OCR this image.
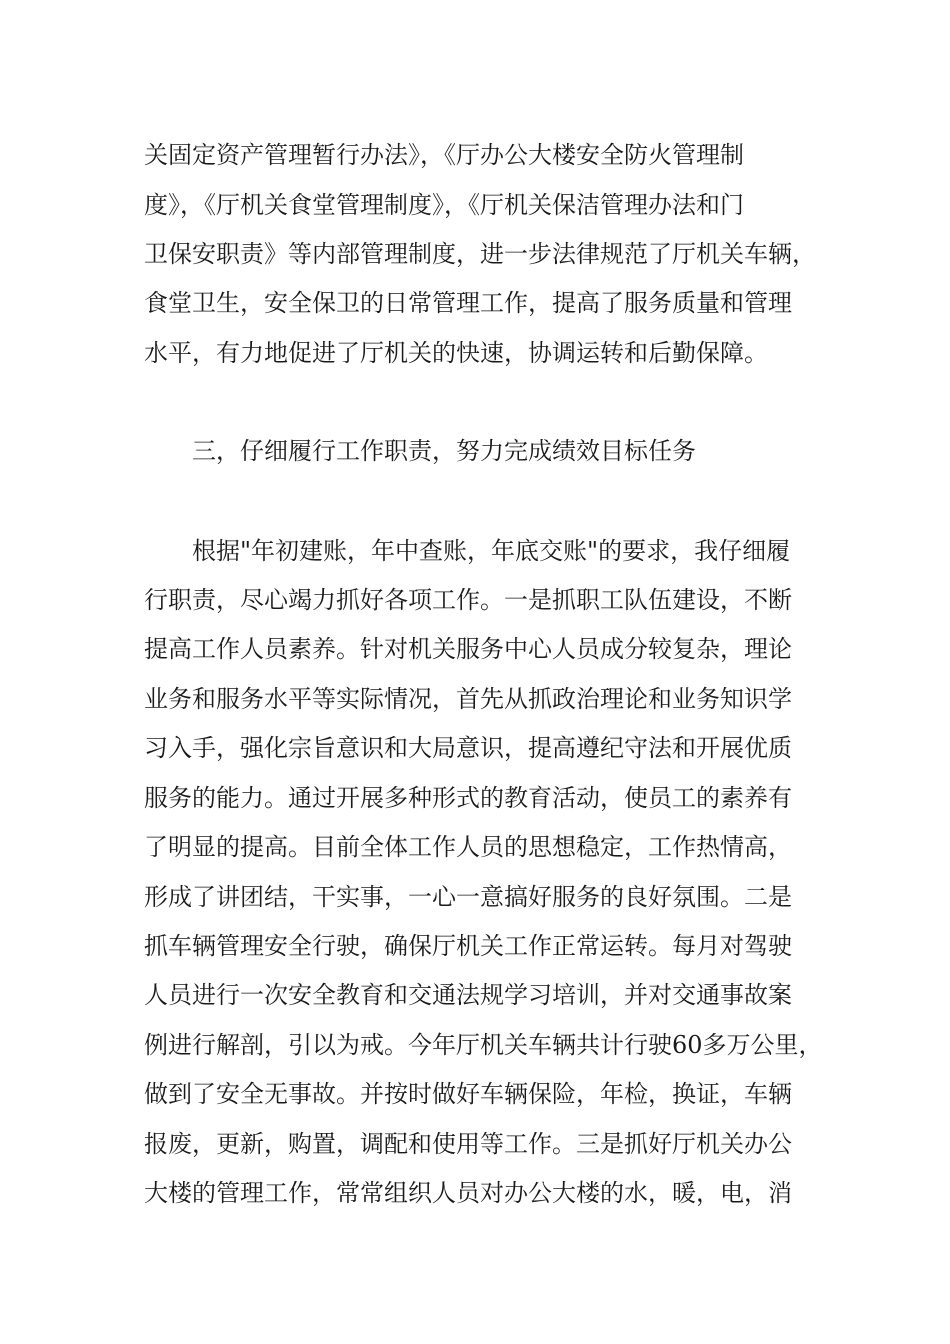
关固定资产管理暂行办法》，《厅办公大楼安全防火管理制
度》，《厅机关食堂管理制度》，《厅机关保洁管理办法和门
卫保安职责》等内部管理制度，进一步法律规范了厅机关车辆，
食堂卫生，安全保卫的日常管理工作，提高了服务质量和管理
水平，有力地促进了厅机关的快速，协调运转和后勤保障。
三，仔细履行工作职责，努力完成绩效目标任务
根据"年初建账，年中查账，年底交账"的要求，我仔细履
行职责，尽心竭力抓好各项工作。一是抓职工队伍建设，不断
提高工作人员素养。针对机关服务中心人员成分较复杂，理论
业务和服务水平等实际情况，首先从抓政治理论和业务知识学
习入手，强化宗旨意识和大局意识，提高遵纪守法和开展优质
服务的能力。通过开展多种形式的教育活动，使员工的素养有
了明显的提高。目前全体工作人员的思想稳定，工作热情高，
形成了讲团结，干实事，一心一意搞好服务的良好氛围。二是
抓车辆管理安全行驶，确保厅机关工作正常运转。每月对驾驶
人员进行一次安全教育和交通法规学习培训，并对交通事故案
例进行解剖，引以为戒。今年厅机关车辆共计行驶60多万公里，
做到了安全无事故。并按时做好车辆保险，年检，换证，车辆
报废，更新，购置，调配和使用等工作。三是抓好厅机关办公
大楼的管理工作，常常组织人员对办公大楼的水，暖，电，消
